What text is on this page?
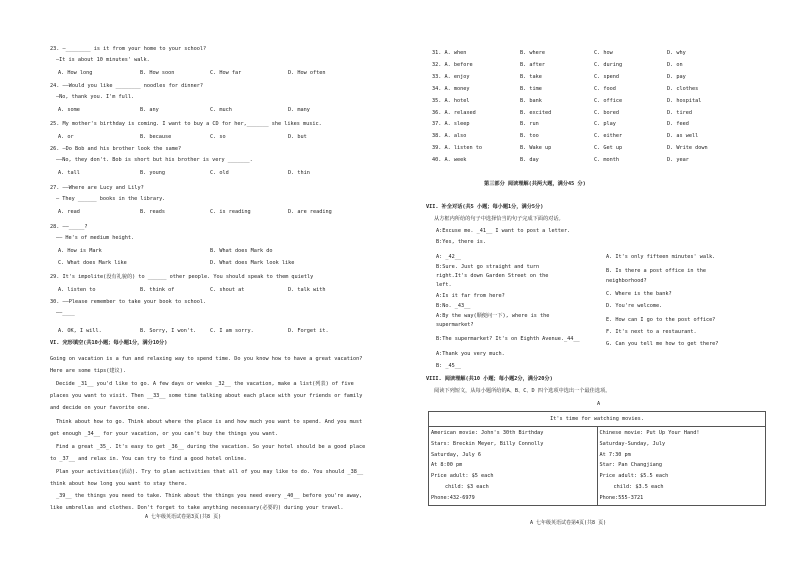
23. —________ is it from your home to your school?
—It is about 10 minutes' walk.
A. How long	B. How soon	C. How far	D. How often
24. ——Would you like ________ noodles for dinner?
—No, thank you. I'm full.
A. some	B. any	C. much	D. many
25. My mother's birthday is coming. I want to buy a CD for her,_______ she likes music.
A. or	B. because	C. so	D. but
26. —Do Bob and his brother look the same?
——No, they don't. Bob is short but his brother is very _______.
A. tall	B. young	C. old	D. thin
27. ——Where are Lucy and Lily?
— They ______ books in the library.
A. read	B. reads	C. is reading	D. are reading
28. ——_____?
—— He's of medium height.
A. How is Mark	B. What does Mark do
C. What does Mark like	D. What does Mark look like
29. It's impolite(没有礼貌的) to ______ other people. You should speak to them quietly
A. listen to	B. think of	C. shout at	D. talk with
30. ——Please remember to take your book to school.
——____
A. OK, I will.	B. Sorry, I won't.	C. I am sorry.	D. Forget it.
VI. 完形填空(共10小题；每小题1分，满分10分)
Going on vacation is a fun and relaxing way to spend time. Do you know how to have a great vacation? Here are some tips(建议).
Decide _31__ you'd like to go. A few days or weeks _32__ the vacation, make a list(列表) of five places you want to visit. Then __33__ some time talking about each place with your friends or family and decide on your favorite one.
Think about how to go. Think about where the place is and how much you want to spend. And you must get enough _34__ for your vacation, or you can't buy the things you want.
Find a great _35_. It's easy to get _36__ during the vacation. So your hotel should be a good place to _37__ and relax in. You can try to find a good hotel online.
Plan your activities(活动). Try to plan activities that all of you may like to do. You should _38__ think about how long you want to stay there.
_39__ the things you need to take. Think about the things you need every _40__ before you're away, like umbrellas and clothes. Don't forget to take anything necessary(必要的) during your travel.
A 七年级英语试卷第3页(共8 页)
31. A. when	B. where	C. how	D. why
32. A. before	B. after	C. during	D. on
33. A. enjoy	B. take	C. spend	D. pay
34. A. money	B. time	C. food	D. clothes
35. A. hotel	B. bank	C. office	D. hospital
36. A. relaxed	B. excited	C. bored	D. tired
37. A. sleep	B. run	C. play	D. feed
38. A. also	B. too	C. either	D. as well
39. A. listen to	B. Wake up	C. Get up	D. Write down
40. A. week	B. day	C. month	D. year
第三部分 阅读理解(共两大题，满分45 分)
VII. 补全对话(共5 小题；每小题1分，满分5分)
从方框内所给的句子中选择恰当的句子完成下面的对话。
A:Excuse me. _41__ I want to post a letter.
B:Yes, there is.
A: _42__
B:Sure. Just go straight and turn
right.It's down Garden Street on the
left.
A:Is it far from here?
B:No. _43__
A:By the way(顺便问一下), where is the
supermarket?
B:The supermarket? It's on Eighth Avenue._44__
A:Thank you very much.
B: _45__
A. It's only fifteen minutes' walk.
B. Is there a post office in the
neighborhood?
C. Where is the bank?
D. You're welcome.
E. How can I go to the post office?
F. It's next to a restaurant.
G. Can you tell me how to get there?
VIII. 阅读理解(共10 小题；每小题2分，满分20分)
阅读下列短文，从每小题所给的A、B、C、D 四个选项中选出一个最佳选项。
A
It's time for watching movies.

American movie: John's 30th Birthday
Stars: Breckin Meyer, Billy Connolly
Saturday, July 6
At 8:00 pm
Price adult: $5 each
child: $3 each
Phone:432-6979

Chinese movie: Put Up Your Hand!
Saturday-Sunday, July
At 7:30 pm
Star: Pan Changjiang
Price adult: $5.5 each
child: $3.5 each
Phone:555-3721
A 七年级英语试卷第4页(共8 页)
